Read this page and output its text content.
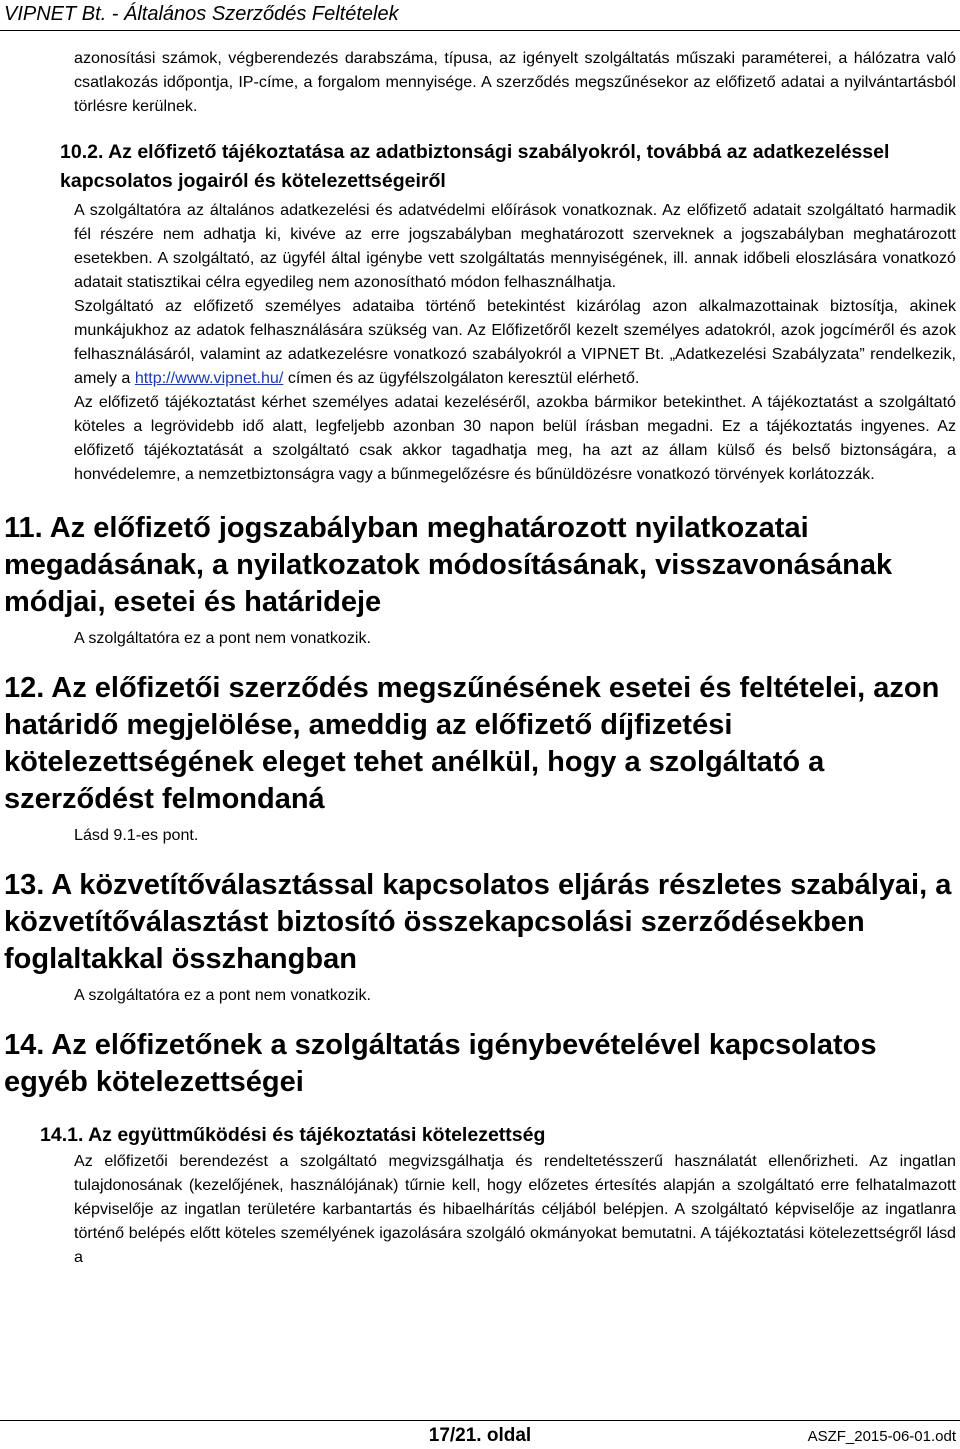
VIPNET Bt. - Általános Szerződés Feltételek

azonosítási számok, végberendezés darabszáma, típusa, az igényelt szolgáltatás műszaki paraméterei, a hálózatra való csatlakozás időpontja, IP-címe, a forgalom mennyisége. A szerződés megszűnésekor az előfizető adatai a nyilvántartásból törlésre kerülnek.

10.2. Az előfizető tájékoztatása az adatbiztonsági szabályokról, továbbá az adatkezeléssel kapcsolatos jogairól és kötelezettségeiről

A szolgáltatóra az általános adatkezelési és adatvédelmi előírások vonatkoznak. Az előfizető adatait szolgáltató harmadik fél részére nem adhatja ki, kivéve az erre jogszabályban meghatározott szerveknek a jogszabályban meghatározott esetekben. A szolgáltató, az ügyfél által igénybe vett szolgáltatás mennyiségének, ill. annak időbeli eloszlására vonatkozó adatait statisztikai célra egyedileg nem azonosítható módon felhasználhatja.

Szolgáltató az előfizető személyes adataiba történő betekintést kizárólag azon alkalmazottainak biztosítja, akinek munkájukhoz az adatok felhasználására szükség van. Az Előfizetőről kezelt személyes adatokról, azok jogcíméről és azok felhasználásáról, valamint az adatkezelésre vonatkozó szabályokról a VIPNET Bt. „Adatkezelési Szabályzata” rendelkezik, amely a http://www.vipnet.hu/ címen és az ügyfélszolgálaton keresztül elérhető.

Az előfizető tájékoztatást kérhet személyes adatai kezeléséről, azokba bármikor betekinthet. A tájékoztatást a szolgáltató köteles a legrövidebb idő alatt, legfeljebb azonban 30 napon belül írásban megadni. Ez a tájékoztatás ingyenes. Az előfizető tájékoztatását a szolgáltató csak akkor tagadhatja meg, ha azt az állam külső és belső biztonságára, a honvédelemre, a nemzetbiztonságra vagy a bűnmegelőzésre és bűnüldözésre vonatkozó törvények korlátozzák.

11. Az előfizető jogszabályban meghatározott nyilatkozatai megadásának, a nyilatkozatok módosításának, visszavonásának módjai, esetei és határideje

A szolgáltatóra ez a pont nem vonatkozik.

12. Az előfizetői szerződés megszűnésének esetei és feltételei, azon határidő megjelölése, ameddig az előfizető díjfizetési kötelezettségének eleget tehet anélkül, hogy a szolgáltató a szerződést felmondaná

Lásd 9.1-es pont.

13. A közvetítőválasztással kapcsolatos eljárás részletes szabályai, a közvetítőválasztást biztosító összekapcsolási szerződésekben foglaltakkal összhangban

A szolgáltatóra ez a pont nem vonatkozik.

14. Az előfizetőnek a szolgáltatás igénybevételével kapcsolatos egyéb kötelezettségei
14.1. Az együttműködési és tájékoztatási kötelezettség

Az előfizetői berendezést a szolgáltató megvizsgálhatja és rendeltetésszerű használatát ellenőrizheti. Az ingatlan tulajdonosának (kezelőjének, használójának) tűrnie kell, hogy előzetes értesítés alapján a szolgáltató erre felhatalmazott képviselője az ingatlan területére karbantartás és hibaelhárítás céljából belépjen. A szolgáltató képviselője az ingatlanra történő belépés előtt köteles személyének igazolására szolgáló okmányokat bemutatni. A tájékoztatási kötelezettségről lásd a

17/21. oldal	ASZF_2015-06-01.odt
